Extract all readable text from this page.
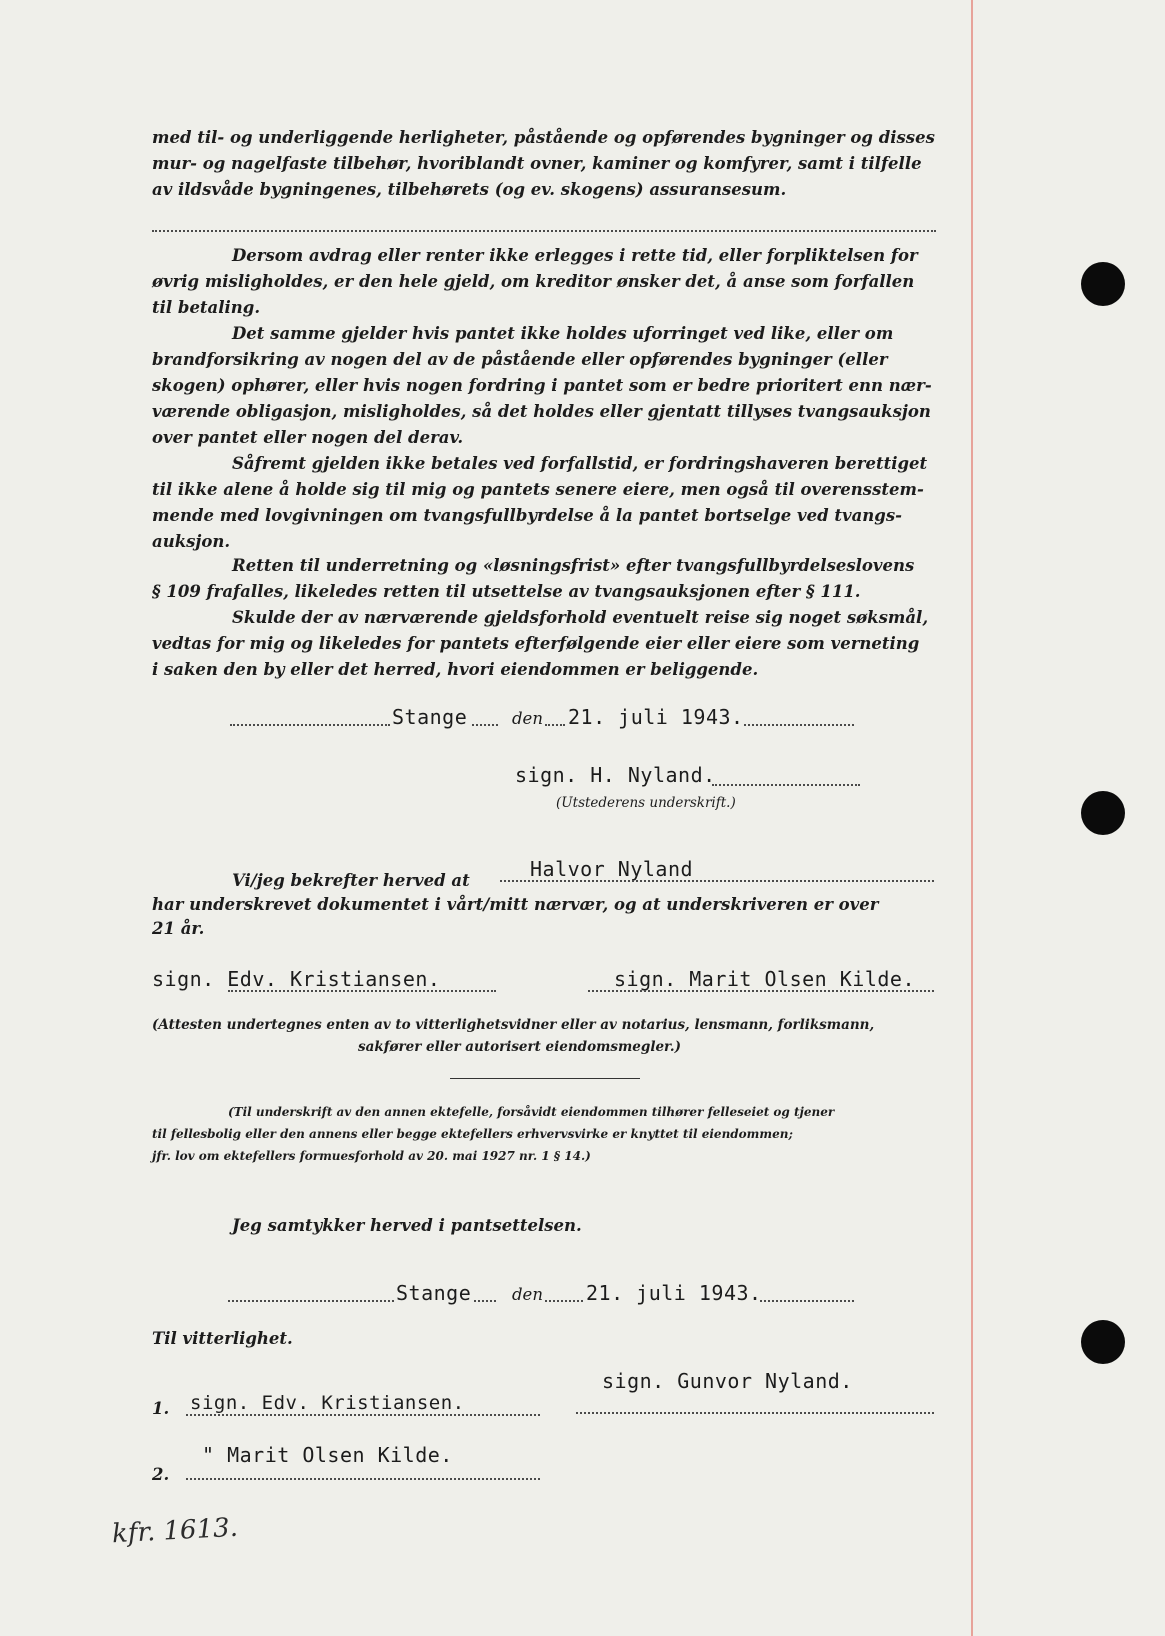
med til- og underliggende herligheter, påstående og opførendes bygninger og disses
mur- og nagelfaste tilbehør, hvoriblandt ovner, kaminer og komfyrer, samt i tilfelle
av ildsvåde bygningenes, tilbehørets (og ev. skogens) assuransesum.
Dersom avdrag eller renter ikke erlegges i rette tid, eller forpliktelsen for
øvrig misligholdes, er den hele gjeld, om kreditor ønsker det, å anse som forfallen
til betaling.
Det samme gjelder hvis pantet ikke holdes uforringet ved like, eller om
brandforsikring av nogen del av de påstående eller opførendes bygninger (eller
skogen) ophører, eller hvis nogen fordring i pantet som er bedre prioritert enn nær-
værende obligasjon, misligholdes, så det holdes eller gjentatt tillyses tvangsauksjon
over pantet eller nogen del derav.
Såfremt gjelden ikke betales ved forfallstid, er fordringshaveren berettiget
til ikke alene å holde sig til mig og pantets senere eiere, men også til overensstem-
mende med lovgivningen om tvangsfullbyrdelse å la pantet bortselge ved tvangs-
auksjon.
Retten til underretning og «løsningsfrist» efter tvangsfullbyrdelseslovens
§ 109 frafalles, likeledes retten til utsettelse av tvangsauksjonen efter § 111.
Skulde der av nærværende gjeldsforhold eventuelt reise sig noget søksmål,
vedtas for mig og likeledes for pantets efterfølgende eier eller eiere som verneting
i saken den by eller det herred, hvori eiendommen er beliggende.
Stange	den 21. juli 1943.
sign. H. Nyland.
(Utstederens underskrift.)
Vi/jeg bekrefter herved at	Halvor Nyland
har underskrevet dokumentet i vårt/mitt nærvær, og at underskriveren er over
21 år.
sign. Edv. Kristiansen.	sign. Marit Olsen Kilde.
(Attesten undertegnes enten av to vitterlighetsvidner eller av notarius, lensmann, forliksmann,
sakfører eller autorisert eiendomsmegler.)
(Til underskrift av den annen ektefelle, forsåvidt eiendommen tilhører felleseiet og tjener
til fellesbolig eller den annens eller begge ektefellers erhvervsvirke er knyttet til eiendommen;
jfr. lov om ektefellers formuesforhold av 20. mai 1927 nr. 1 § 14.)
Jeg samtykker herved i pantsettelsen.
Stange den 21. juli 1943.
Til vitterlighet.
sign. Gunvor Nyland.
1. sign. Edv. Kristiansen.
2.
" Marit Olsen Kilde.
kfr. 1613.
